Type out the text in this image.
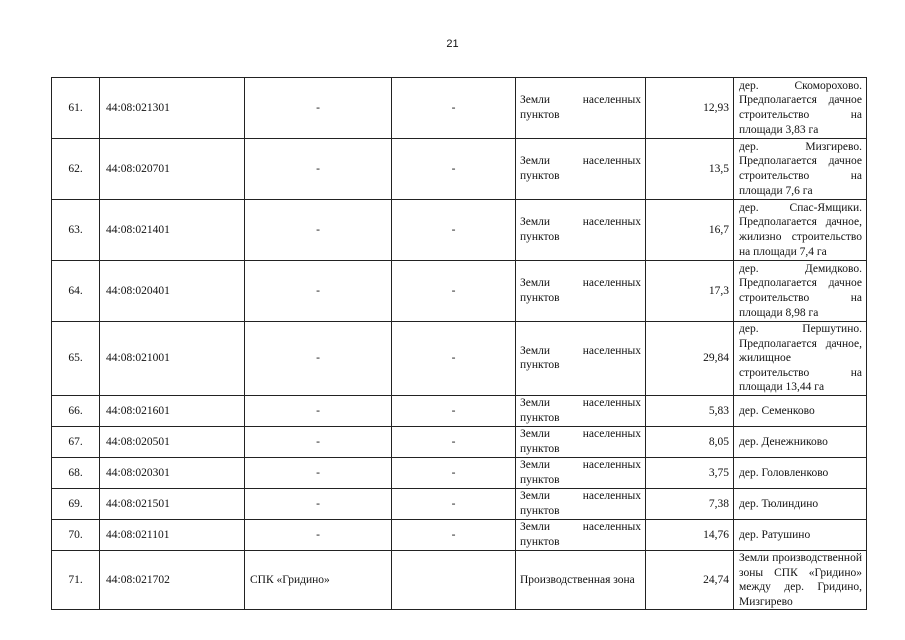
21
61.	44:08:021301	-	-	Земли населенных пунктов	12,93	дер. Скоморохово. Предполагается дачное строительство на площади 3,83 га
62.	44:08:020701	-	-	Земли населенных пунктов	13,5	дер. Мизгирево. Предполагается дачное строительство на площади 7,6 га
63.	44:08:021401	-	-	Земли населенных пунктов	16,7	дер. Спас-Ямщики. Предполагается дачное, жилизно строительство на площади 7,4 га
64.	44:08:020401	-	-	Земли населенных пунктов	17,3	дер. Демидково. Предполагается дачное строительство на площади 8,98 га
65.	44:08:021001	-	-	Земли населенных пунктов	29,84	дер. Першутино. Предполагается дачное, жилищное строительство на площади 13,44 га
66.	44:08:021601	-	-	Земли населенных пунктов	5,83	дер. Семенково
67.	44:08:020501	-	-	Земли населенных пунктов	8,05	дер. Денежниково
68.	44:08:020301	-	-	Земли населенных пунктов	3,75	дер. Головленково
69.	44:08:021501	-	-	Земли населенных пунктов	7,38	дер. Тюлиндино
70.	44:08:021101	-	-	Земли населенных пунктов	14,76	дер. Ратушино
71.	44:08:021702	СПК «Гридино»		Производственная зона	24,74	Земли производственной зоны СПК «Гридино» между дер. Гридино, Мизгирево
